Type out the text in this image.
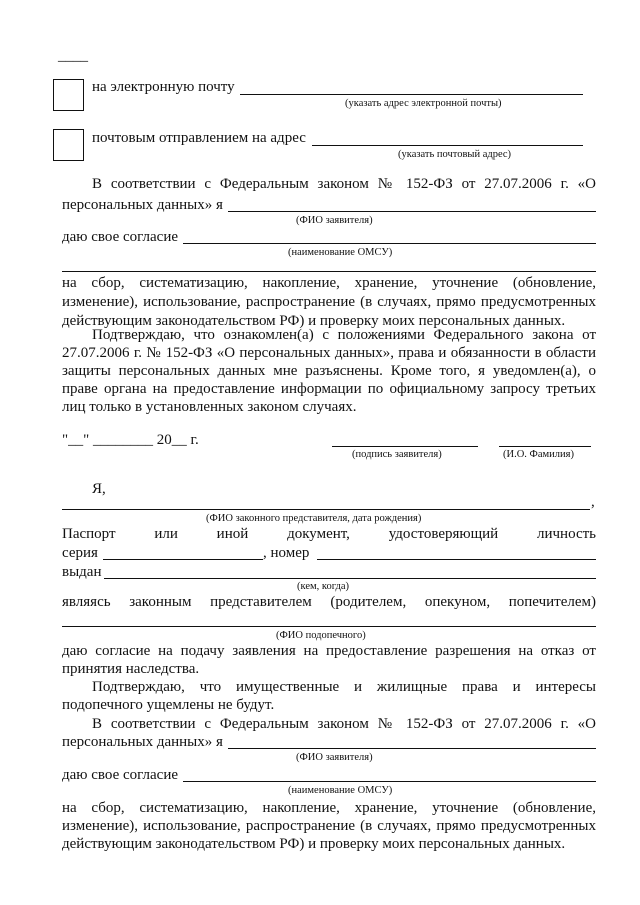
____
на электронную почту
(указать адрес электронной почты)
почтовым отправлением на адрес
(указать почтовый адрес)
В соответствии с Федеральным законом № 152-ФЗ от 27.07.2006 г. «О
персональных данных» я
(ФИО заявителя)
даю свое согласие
(наименование ОМСУ)
на сбор, систематизацию, накопление, хранение, уточнение (обновление,
изменение), использование, распространение (в случаях, прямо предусмотренных
действующим законодательством РФ) и проверку моих персональных данных.
Подтверждаю, что ознакомлен(а) с положениями Федерального закона от
27.07.2006 г. № 152-ФЗ «О персональных данных», права и обязанности в области
защиты персональных данных мне разъяснены. Кроме того, я уведомлен(а), о
праве органа на предоставление информации по официальному запросу третьих
лиц только в установленных законом случаях.
"__" ________ 20__ г.
(подпись заявителя)	(И.О. Фамилия)
Я,
,
(ФИО законного представителя, дата рождения)
Паспорт или иной документ, удостоверяющий личность
серия	, номер
выдан
(кем, когда)
являясь законным представителем (родителем, опекуном, попечителем)
(ФИО подопечного)
даю согласие на подачу заявления на предоставление разрешения на отказ от
принятия наследства.
Подтверждаю, что имущественные и жилищные права и интересы
подопечного ущемлены не будут.
В соответствии с Федеральным законом № 152-ФЗ от 27.07.2006 г. «О
персональных данных» я
(ФИО заявителя)
даю свое согласие
(наименование ОМСУ)
на сбор, систематизацию, накопление, хранение, уточнение (обновление,
изменение), использование, распространение (в случаях, прямо предусмотренных
действующим законодательством РФ) и проверку моих персональных данных.
